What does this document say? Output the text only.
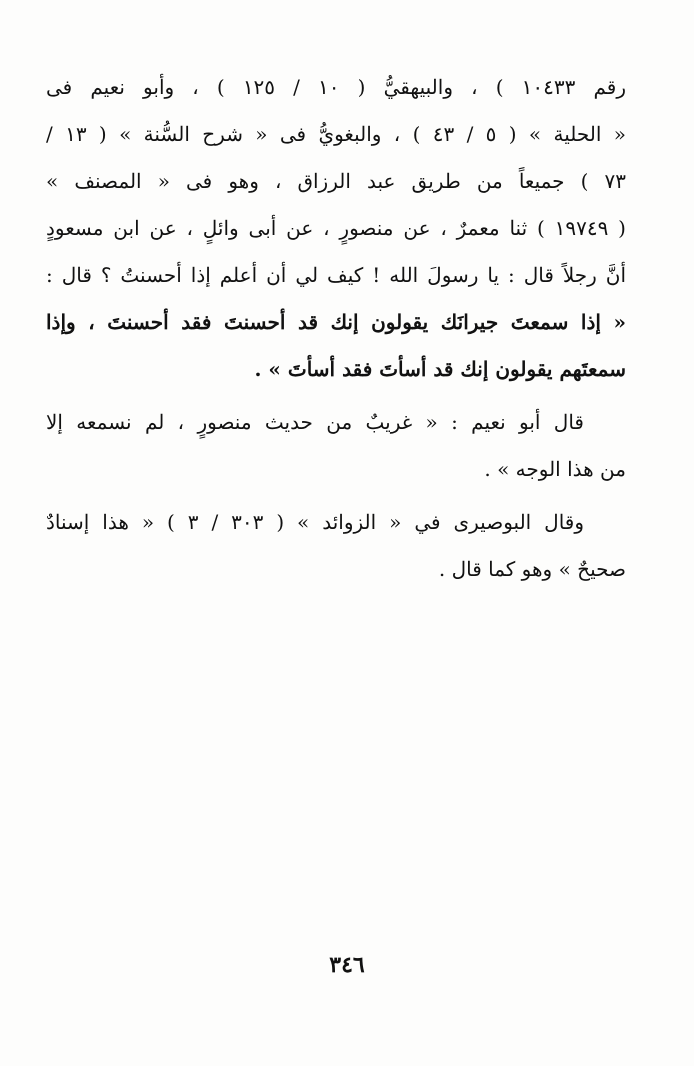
رقم ١٠٤٣٣ ) ، والبيهقيُّ ( ١٠ / ١٢٥ ) ، وأبو نعيم فى
« الحلية » ( ٥ / ٤٣ ) ، والبغويُّ فى « شرح السُّنة » ( ١٣ /
٧٣ ) جميعاً من طريق عبد الرزاق ، وهو فى « المصنف »
( ١٩٧٤٩ ) ثنا معمرٌ ، عن منصورٍ ، عن أبى وائلٍ ، عن ابن مسعودٍ
أنَّ رجلاً قال : يا رسولَ الله ! كيف لي أن أعلم إذا أحسنتُ ؟ قال :
« إذا سمعتَ جيرانَك يقولون إنك قد أحسنتَ فقد أحسنتَ ، وإذا
سمعتَهم يقولون إنك قد أسأتَ فقد أسأتَ » .
قال أبو نعيم : « غريبٌ من حديث منصورٍ ، لم نسمعه إلا
من هذا الوجه » .
وقال البوصيرى في « الزوائد » ( ٣٠٣ / ٣ ) « هذا إسنادٌ
صحيحٌ » وهو كما قال .
٣٤٦
